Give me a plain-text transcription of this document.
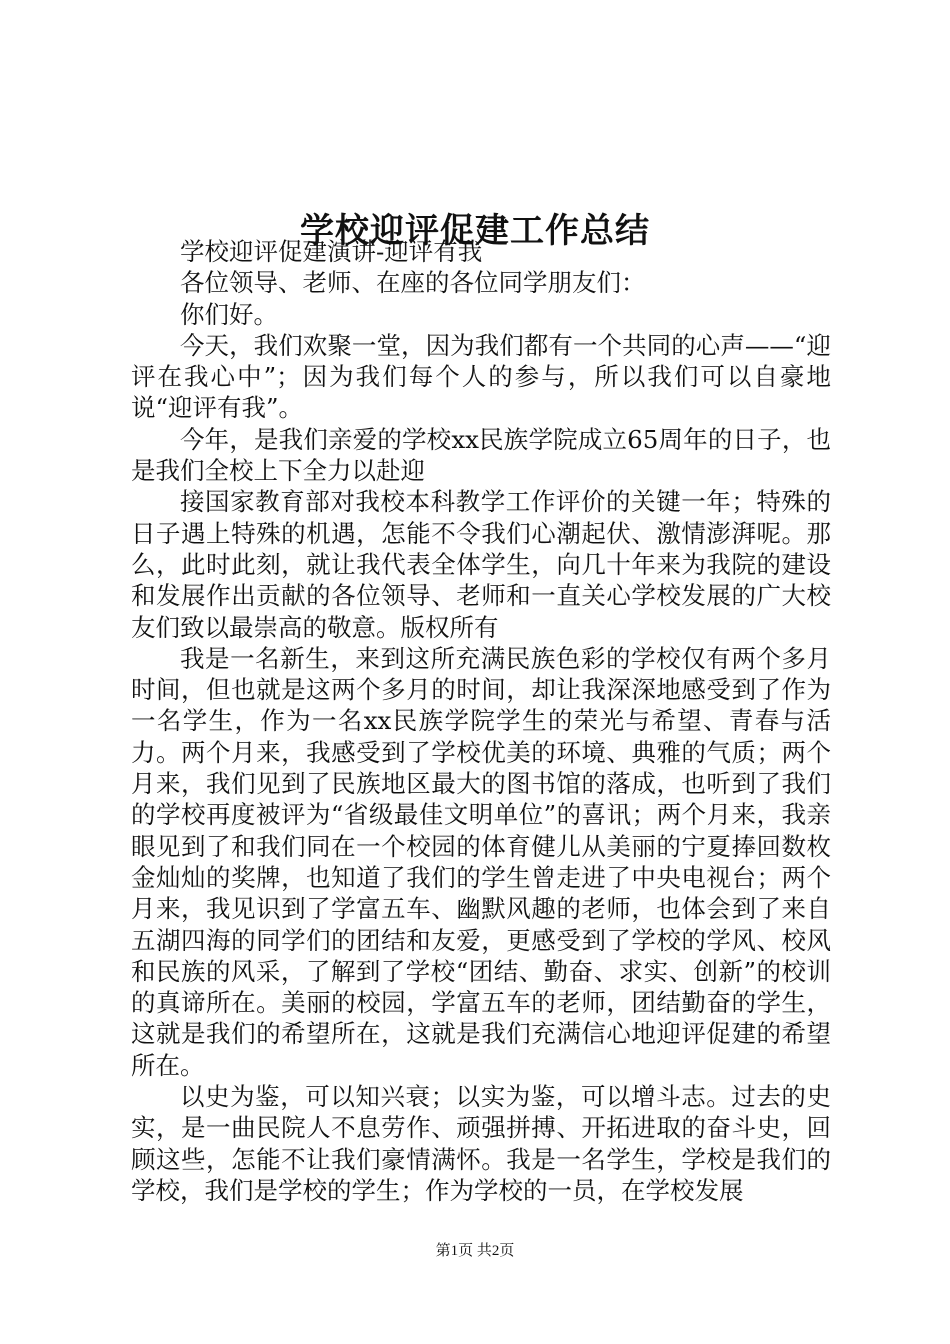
学校迎评促建工作总结

学校迎评促建演讲-迎评有我

各位领导、老师、在座的各位同学朋友们：

你们好。

今天，我们欢聚一堂，因为我们都有一个共同的心声——“迎评在我心中”；因为我们每个人的参与，所以我们可以自豪地说“迎评有我”。

今年，是我们亲爱的学校xx民族学院成立65周年的日子，也是我们全校上下全力以赴迎

接国家教育部对我校本科教学工作评价的关键一年；特殊的日子遇上特殊的机遇，怎能不令我们心潮起伏、激情澎湃呢。那么，此时此刻，就让我代表全体学生，向几十年来为我院的建设和发展作出贡献的各位领导、老师和一直关心学校发展的广大校友们致以最崇高的敬意。版权所有

我是一名新生，来到这所充满民族色彩的学校仅有两个多月时间，但也就是这两个多月的时间，却让我深深地感受到了作为一名学生，作为一名xx民族学院学生的荣光与希望、青春与活力。两个月来，我感受到了学校优美的环境、典雅的气质；两个月来，我们见到了民族地区最大的图书馆的落成，也听到了我们的学校再度被评为“省级最佳文明单位”的喜讯；两个月来，我亲眼见到了和我们同在一个校园的体育健儿从美丽的宁夏捧回数枚金灿灿的奖牌，也知道了我们的学生曾走进了中央电视台；两个月来，我见识到了学富五车、幽默风趣的老师，也体会到了来自五湖四海的同学们的团结和友爱，更感受到了学校的学风、校风和民族的风采，了解到了学校“团结、勤奋、求实、创新”的校训的真谛所在。美丽的校园，学富五车的老师，团结勤奋的学生，这就是我们的希望所在，这就是我们充满信心地迎评促建的希望所在。

以史为鉴，可以知兴衰；以实为鉴，可以增斗志。过去的史实，是一曲民院人不息劳作、顽强拼搏、开拓进取的奋斗史，回顾这些，怎能不让我们豪情满怀。我是一名学生，学校是我们的学校，我们是学校的学生；作为学校的一员，在学校发展

第1页 共2页
